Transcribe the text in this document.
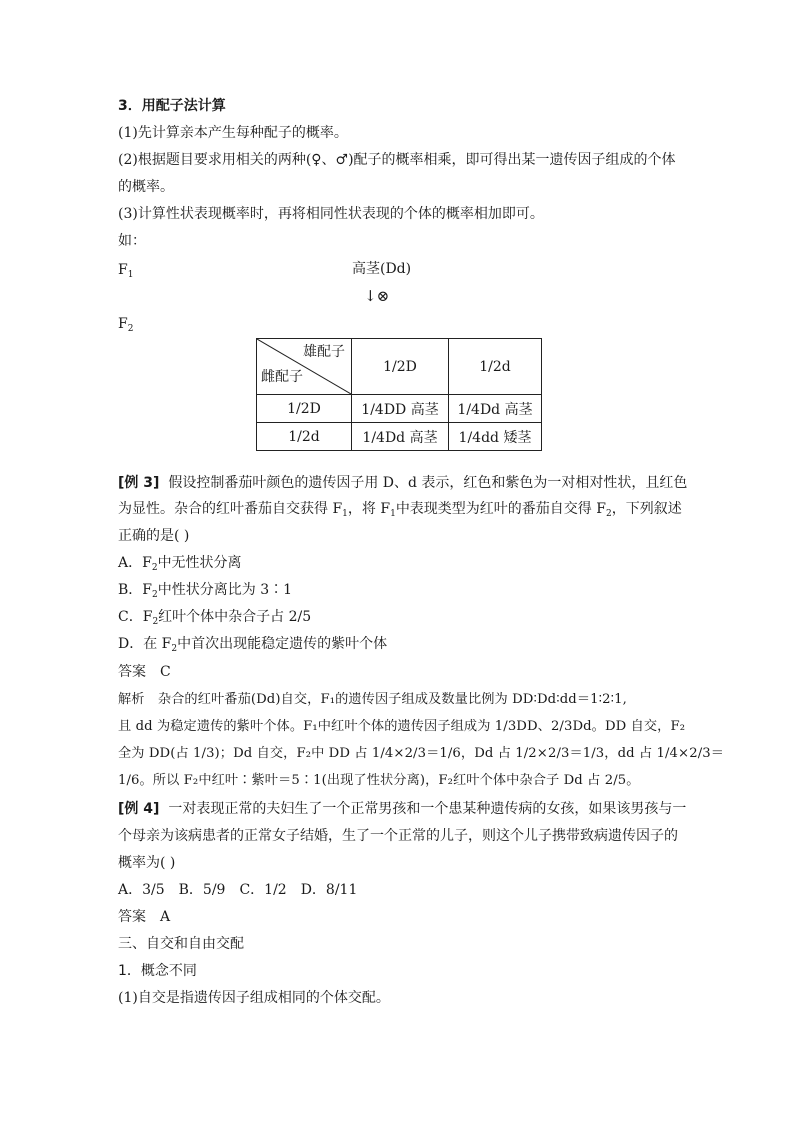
3．用配子法计算
(1)先计算亲本产生每种配子的概率。
(2)根据题目要求用相关的两种(♀、♂)配子的概率相乘，即可得出某一遗传因子组成的个体
的概率。
(3)计算性状表现概率时，再将相同性状表现的个体的概率相加即可。
如：
$F_1$	高茎(Dd)
↓⊗
$F_2$
雄配子
雌配子	1/2D	1/2d
1/2D	1/4DD 高茎	1/4Dd 高茎
1/2d	1/4Dd 高茎	1/4dd 矮茎
[例 3] 假设控制番茄叶颜色的遗传因子用 D、d 表示，红色和紫色为一对相对性状，且红色
为显性。杂合的红叶番茄自交获得 $F_1$，将 $F_1$中表现类型为红叶的番茄自交得 $F_2$，下列叙述
正确的是( )
A．$F_2$中无性状分离
B．$F_2$中性状分离比为 3∶1
C．$F_2$红叶个体中杂合子占 2/5
D．在 $F_2$中首次出现能稳定遗传的紫叶个体
答案　C
解析　杂合的红叶番茄(Dd)自交，F₁的遗传因子组成及数量比例为 DD∶Dd∶dd＝1∶2∶1,
且 dd 为稳定遗传的紫叶个体。F₁中红叶个体的遗传因子组成为 1/3DD、2/3Dd。DD 自交，F₂
全为 DD(占 1/3)；Dd 自交，F₂中 DD 占 1/4×2/3＝1/6，Dd 占 1/2×2/3＝1/3，dd 占 1/4×2/3＝
1/6。所以 F₂中红叶∶紫叶＝5∶1(出现了性状分离)，F₂红叶个体中杂合子 Dd 占 2/5。
[例 4] 一对表现正常的夫妇生了一个正常男孩和一个患某种遗传病的女孩，如果该男孩与一
个母亲为该病患者的正常女子结婚，生了一个正常的儿子，则这个儿子携带致病遗传因子的
概率为( )
A．3/5　B．5/9　C．1/2　D．8/11
答案　A
三、自交和自由交配
1．概念不同
(1)自交是指遗传因子组成相同的个体交配。
